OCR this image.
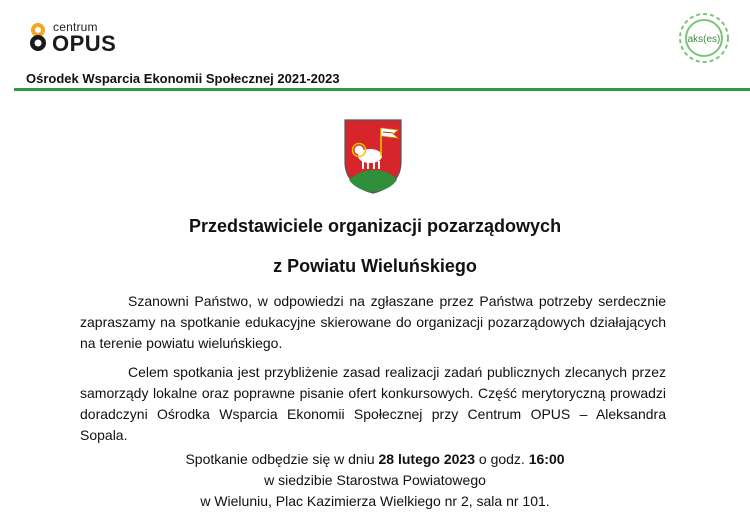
centrum
OPUS	aks(es)
Ośrodek Wsparcia Ekonomii Społecznej 2021-2023
Przedstawiciele organizacji pozarządowych
z Powiatu Wieluńskiego

Szanowni Państwo, w odpowiedzi na zgłaszane przez Państwa potrzeby serdecznie zapraszamy na spotkanie edukacyjne skierowane do organizacji pozarządowych działających na terenie powiatu wieluńskiego.

Celem spotkania jest przybliżenie zasad realizacji zadań publicznych zlecanych przez samorządy lokalne oraz poprawne pisanie ofert konkursowych. Część merytoryczną prowadzi doradczyni Ośrodka Wsparcia Ekonomii Społecznej przy Centrum OPUS – Aleksandra Sopala.

Spotkanie odbędzie się w dniu 28 lutego 2023 o godz. 16:00
w siedzibie Starostwa Powiatowego
w Wieluniu, Plac Kazimierza Wielkiego nr 2, sala nr 101.
